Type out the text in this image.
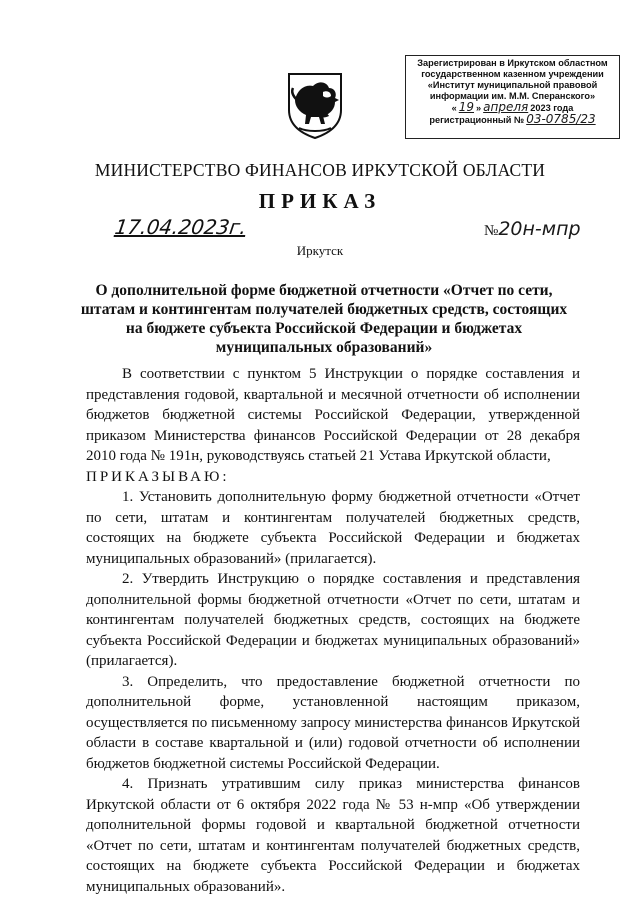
Зарегистрирован в Иркутском областном
государственном казенном учреждении
«Институт муниципальной правовой
информации им. М.М. Сперанского»
« 19 » апреля 2023 года
регистрационный № 03-0785/23
МИНИСТЕРСТВО ФИНАНСОВ ИРКУТСКОЙ ОБЛАСТИ
ПРИКАЗ
17.04.2023г.	№20н-мпр
Иркутск
О дополнительной форме бюджетной отчетности «Отчет по сети, штатам и контингентам получателей бюджетных средств, состоящих на бюджете субъекта Российской Федерации и бюджетах муниципальных образований»

В соответствии с пунктом 5 Инструкции о порядке составления и представления годовой, квартальной и месячной отчетности об исполнении бюджетов бюджетной системы Российской Федерации, утвержденной приказом Министерства финансов Российской Федерации от 28 декабря 2010 года № 191н, руководствуясь статьей 21 Устава Иркутской области,

ПРИКАЗЫВАЮ:

1. Установить дополнительную форму бюджетной отчетности «Отчет по сети, штатам и контингентам получателей бюджетных средств, состоящих на бюджете субъекта Российской Федерации и бюджетах муниципальных образований» (прилагается).

2. Утвердить Инструкцию о порядке составления и представления дополнительной формы бюджетной отчетности «Отчет по сети, штатам и контингентам получателей бюджетных средств, состоящих на бюджете субъекта Российской Федерации и бюджетах муниципальных образований» (прилагается).

3. Определить, что предоставление бюджетной отчетности по дополнительной форме, установленной настоящим приказом, осуществляется по письменному запросу министерства финансов Иркутской области в составе квартальной и (или) годовой отчетности об исполнении бюджетов бюджетной системы Российской Федерации.

4. Признать утратившим силу приказ министерства финансов Иркутской области от 6 октября 2022 года № 53 н-мпр «Об утверждении дополнительной формы годовой и квартальной бюджетной отчетности «Отчет по сети, штатам и контингентам получателей бюджетных средств, состоящих на бюджете субъекта Российской Федерации и бюджетах муниципальных образований».
